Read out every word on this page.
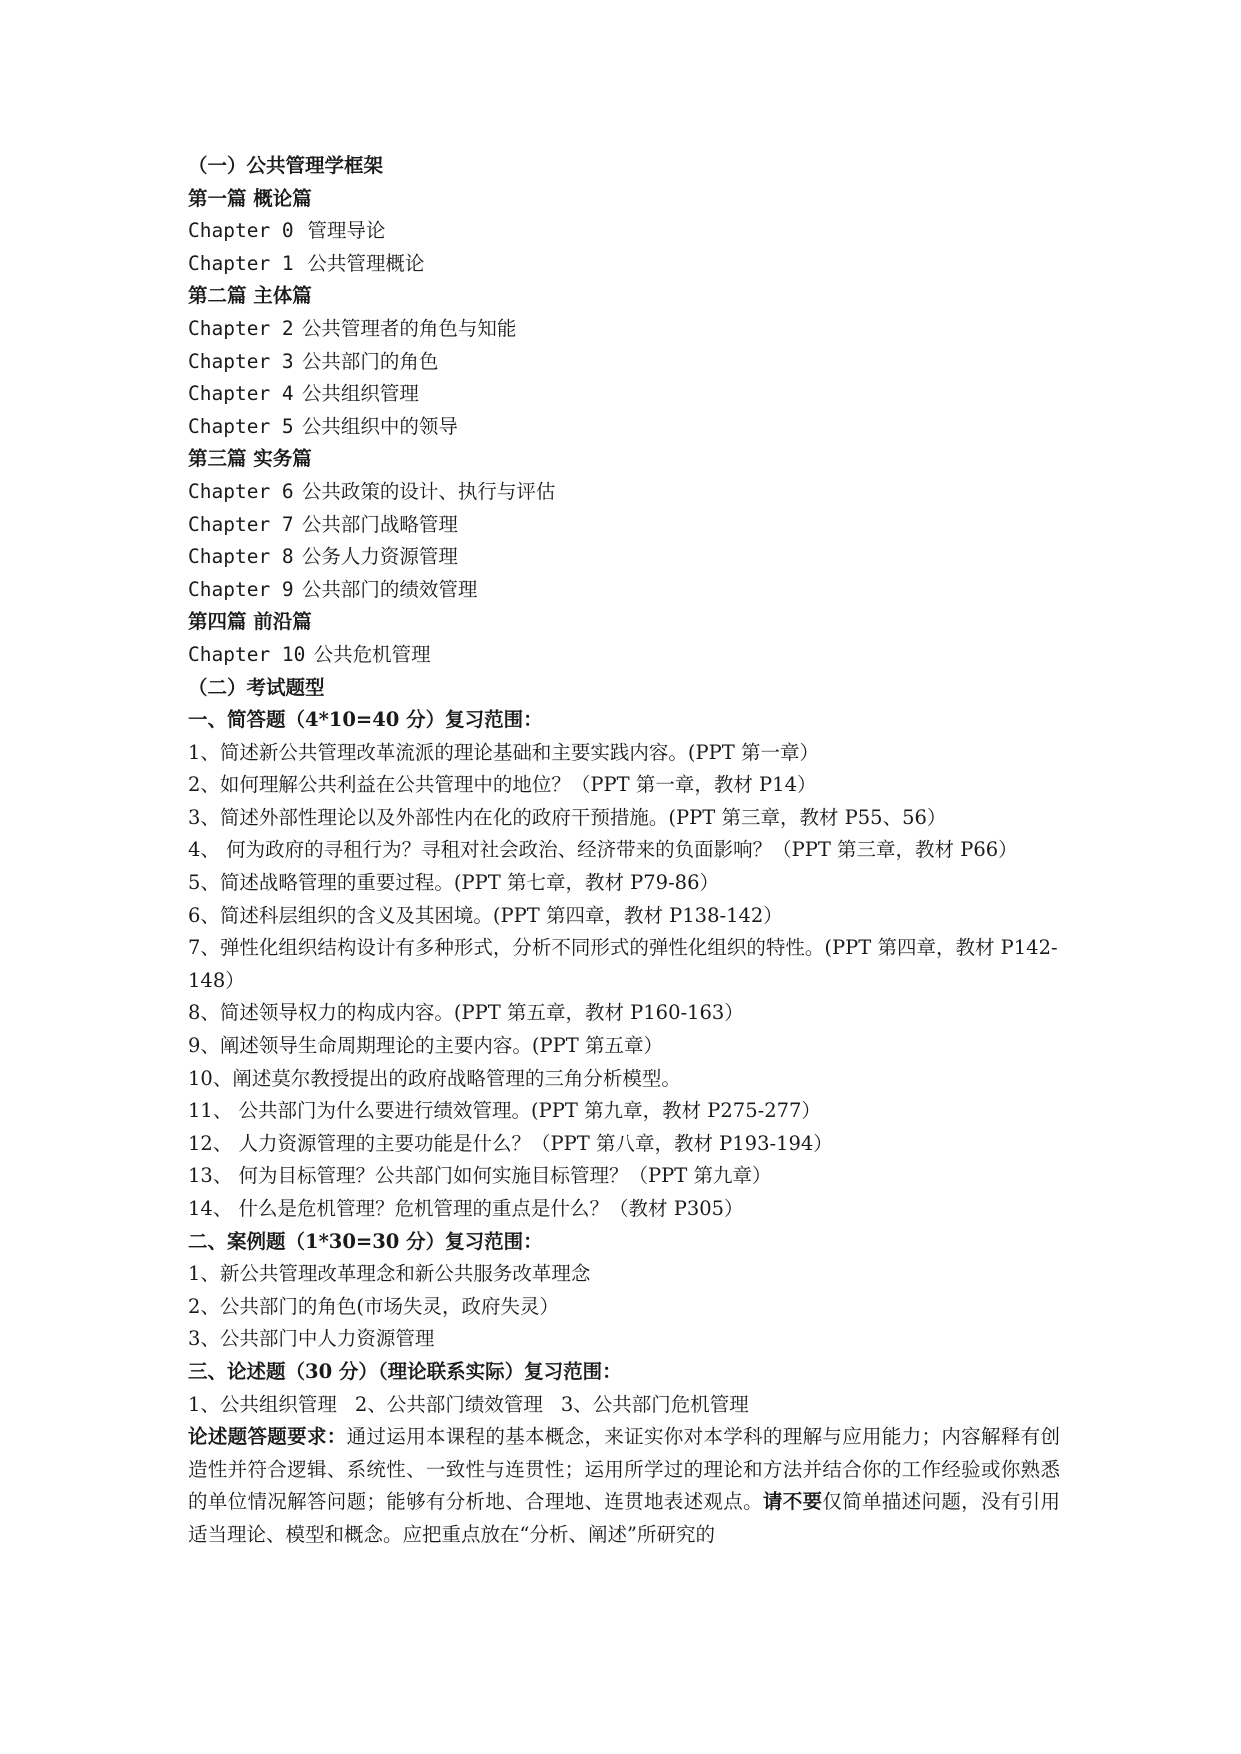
（一）公共管理学框架
第一篇 概论篇
Chapter 0 管理导论
Chapter 1 公共管理概论
第二篇 主体篇
Chapter 2 公共管理者的角色与知能
Chapter 3 公共部门的角色
Chapter 4 公共组织管理
Chapter 5 公共组织中的领导
第三篇 实务篇
Chapter 6 公共政策的设计、执行与评估
Chapter 7 公共部门战略管理
Chapter 8 公务人力资源管理
Chapter 9 公共部门的绩效管理
第四篇 前沿篇
Chapter 10 公共危机管理
（二）考试题型
一、简答题（4*10=40 分）复习范围：
1、简述新公共管理改革流派的理论基础和主要实践内容。(PPT 第一章）
2、如何理解公共利益在公共管理中的地位？（PPT 第一章，教材 P14）
3、简述外部性理论以及外部性内在化的政府干预措施。(PPT 第三章，教材 P55、56）
4、 何为政府的寻租行为？寻租对社会政治、经济带来的负面影响？（PPT 第三章，教材 P66）
5、简述战略管理的重要过程。(PPT 第七章，教材 P79-86）
6、简述科层组织的含义及其困境。(PPT 第四章，教材 P138-142）
7、弹性化组织结构设计有多种形式，分析不同形式的弹性化组织的特性。(PPT 第四章，教材 P142-148）
8、简述领导权力的构成内容。(PPT 第五章，教材 P160-163）
9、阐述领导生命周期理论的主要内容。(PPT 第五章）
10、阐述莫尔教授提出的政府战略管理的三角分析模型。
11、 公共部门为什么要进行绩效管理。(PPT 第九章，教材 P275-277）
12、 人力资源管理的主要功能是什么？（PPT 第八章，教材 P193-194）
13、 何为目标管理？公共部门如何实施目标管理？（PPT 第九章）
14、 什么是危机管理？危机管理的重点是什么？（教材 P305）
二、案例题（1*30=30 分）复习范围：
1、新公共管理改革理念和新公共服务改革理念
2、公共部门的角色(市场失灵，政府失灵）
3、公共部门中人力资源管理
三、论述题（30 分）（理论联系实际）复习范围：
1、公共组织管理 2、公共部门绩效管理 3、公共部门危机管理
论述题答题要求：通过运用本课程的基本概念，来证实你对本学科的理解与应用能力；内容解释有创造性并符合逻辑、系统性、一致性与连贯性；运用所学过的理论和方法并结合你的工作经验或你熟悉的单位情况解答问题；能够有分析地、合理地、连贯地表述观点。请不要仅简单描述问题，没有引用适当理论、模型和概念。应把重点放在“分析、阐述”所研究的
